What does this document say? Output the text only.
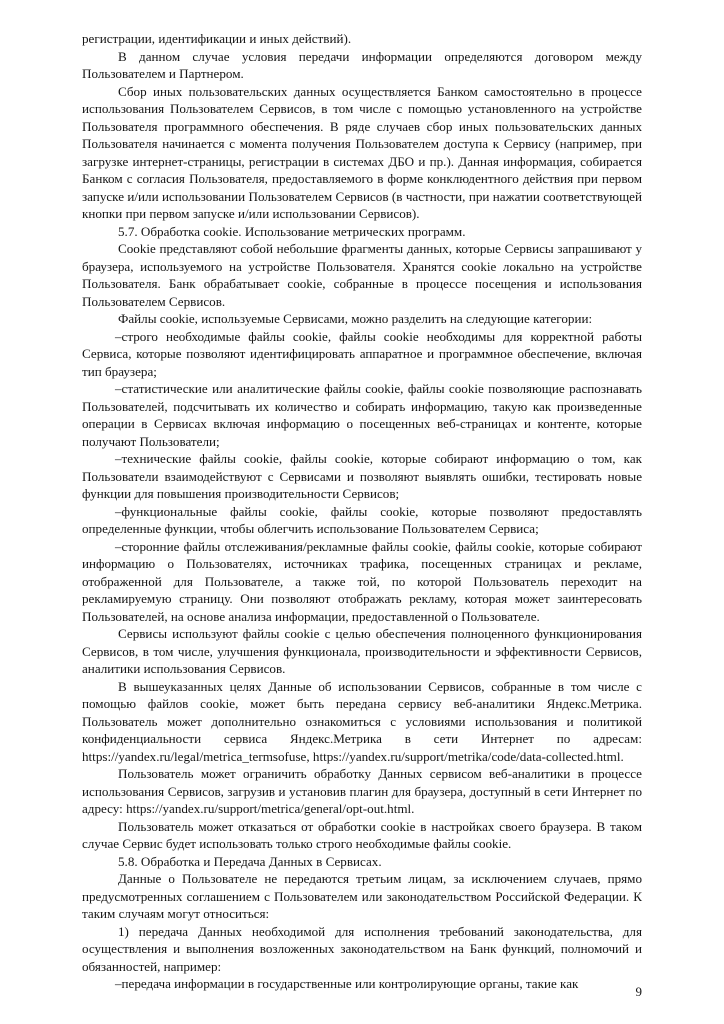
регистрации, идентификации и иных действий).

В данном случае условия передачи информации определяются договором между Пользователем и Партнером.

Сбор иных пользовательских данных осуществляется Банком самостоятельно в процессе использования Пользователем Сервисов, в том числе с помощью установленного на устройстве Пользователя программного обеспечения. В ряде случаев сбор иных пользовательских данных Пользователя начинается с момента получения Пользователем доступа к Сервису (например, при загрузке интернет-страницы, регистрации в системах ДБО и пр.). Данная информация, собирается Банком с согласия Пользователя, предоставляемого в форме конклюдентного действия при первом запуске и/или использовании Пользователем Сервисов (в частности, при нажатии соответствующей кнопки при первом запуске и/или использовании Сервисов).

5.7. Обработка cookie. Использование метрических программ.

Cookie представляют собой небольшие фрагменты данных, которые Сервисы запрашивают у браузера, используемого на устройстве Пользователя. Хранятся cookie локально на устройстве Пользователя. Банк обрабатывает cookie, собранные в процессе посещения и использования Пользователем Сервисов.

Файлы cookie, используемые Сервисами, можно разделить на следующие категории:

–строго необходимые файлы cookie, файлы cookie необходимы для корректной работы Сервиса, которые позволяют идентифицировать аппаратное и программное обеспечение, включая тип браузера;

–статистические или аналитические файлы cookie, файлы cookie позволяющие распознавать Пользователей, подсчитывать их количество и собирать информацию, такую как произведенные операции в Сервисах включая информацию о посещенных веб-страницах и контенте, которые получают Пользователи;

–технические файлы cookie, файлы cookie, которые собирают информацию о том, как Пользователи взаимодействуют с Сервисами и позволяют выявлять ошибки, тестировать новые функции для повышения производительности Сервисов;

–функциональные файлы cookie, файлы cookie, которые позволяют предоставлять определенные функции, чтобы облегчить использование Пользователем Сервиса;

–сторонние файлы отслеживания/рекламные файлы cookie, файлы cookie, которые собирают информацию о Пользователях, источниках трафика, посещенных страницах и рекламе, отображенной для Пользователе, а также той, по которой Пользователь переходит на рекламируемую страницу. Они позволяют отображать рекламу, которая может заинтересовать Пользователей, на основе анализа информации, предоставленной о Пользователе.

Сервисы используют файлы cookie с целью обеспечения полноценного функционирования Сервисов, в том числе, улучшения функционала, производительности и эффективности Сервисов, аналитики использования Сервисов.

В вышеуказанных целях Данные об использовании Сервисов, собранные в том числе с помощью файлов cookie, может быть передана сервису веб-аналитики Яндекс.Метрика. Пользователь может дополнительно ознакомиться с условиями использования и политикой конфиденциальности сервиса Яндекс.Метрика в сети Интернет по адресам: https://yandex.ru/legal/metrica_termsofuse, https://yandex.ru/support/metrika/code/data-collected.html.

Пользователь может ограничить обработку Данных сервисом веб-аналитики в процессе использования Сервисов, загрузив и установив плагин для браузера, доступный в сети Интернет по адресу: https://yandex.ru/support/metrica/general/opt-out.html.

Пользователь может отказаться от обработки cookie в настройках своего браузера. В таком случае Сервис будет использовать только строго необходимые файлы cookie.

5.8. Обработка и Передача Данных в Сервисах.

Данные о Пользователе не передаются третьим лицам, за исключением случаев, прямо предусмотренных соглашением с Пользователем или законодательством Российской Федерации. К таким случаям могут относиться:

1) передача Данных необходимой для исполнения требований законодательства, для осуществления и выполнения возложенных законодательством на Банк функций, полномочий и обязанностей, например:

–передача информации в государственные или контролирующие органы, такие как

9
